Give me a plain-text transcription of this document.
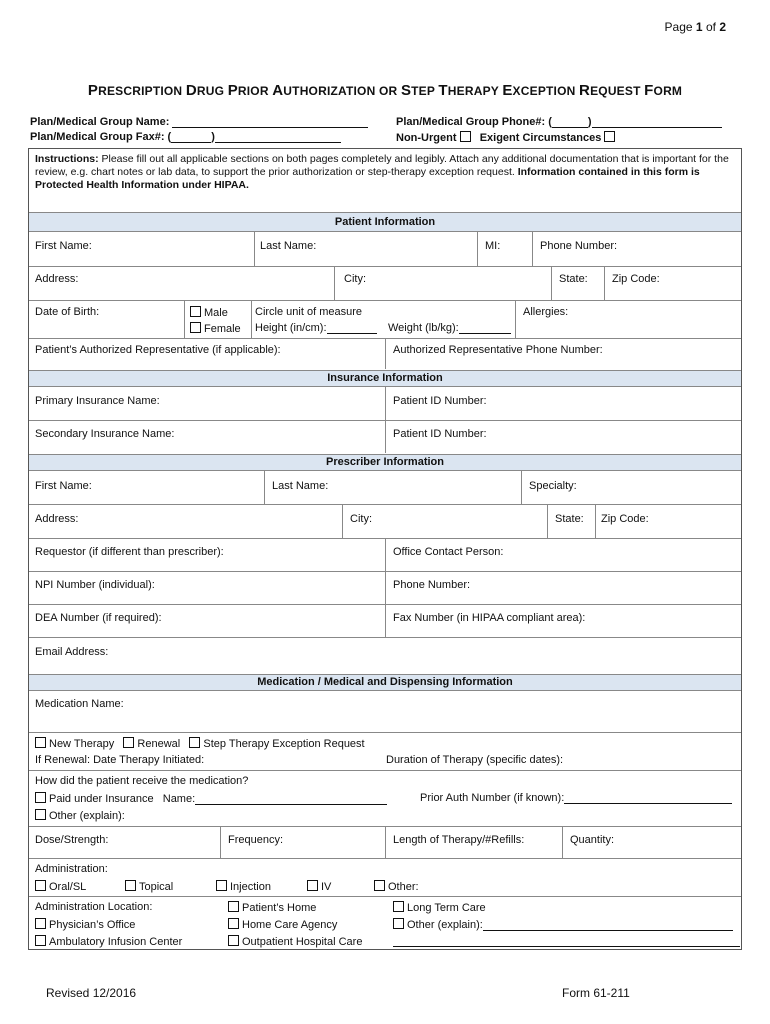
Page 1 of 2
PRESCRIPTION DRUG PRIOR AUTHORIZATION OR STEP THERAPY EXCEPTION REQUEST FORM
Plan/Medical Group Name:
Plan/Medical Group Fax#: (	)
Plan/Medical Group Phone#: (	)
Non-Urgent Exigent Circumstances
Instructions: Please fill out all applicable sections on both pages completely and legibly. Attach any additional documentation that is important for the review, e.g. chart notes or lab data, to support the prior authorization or step-therapy exception request. Information contained in this form is Protected Health Information under HIPAA.
Patient Information
First Name:	Last Name:	MI:	Phone Number:
Address:	City:	State: Zip Code:
Date of Birth:	Male
Female
Circle unit of measure
Height (in/cm):	Weight (lb/kg):
Allergies:
Patient’s Authorized Representative (if applicable):	Authorized Representative Phone Number:
Insurance Information
Primary Insurance Name:	Patient ID Number:
Secondary Insurance Name:	Patient ID Number:
Prescriber Information
First Name:	Last Name:	Specialty:
Address:	City:	State: Zip Code:
Requestor (if different than prescriber):	Office Contact Person:
NPI Number (individual):	Phone Number:
DEA Number (if required):	Fax Number (in HIPAA compliant area):
Email Address:
Medication / Medical and Dispensing Information
Medication Name:
New Therapy Renewal Step Therapy Exception Request
If Renewal: Date Therapy Initiated:	Duration of Therapy (specific dates):
How did the patient receive the medication?
Paid under Insurance Name:	Prior Auth Number (if known):
Other (explain):
Dose/Strength:	Frequency:	Length of Therapy/#Refills:	Quantity:
Administration:
Oral/SL	Topical	Injection	IV	Other:
Administration Location:
Physician’s Office
Ambulatory Infusion Center
Patient’s Home
Home Care Agency
Outpatient Hospital Care
Long Term Care
Other (explain):
Revised 12/2016	Form 61-211
